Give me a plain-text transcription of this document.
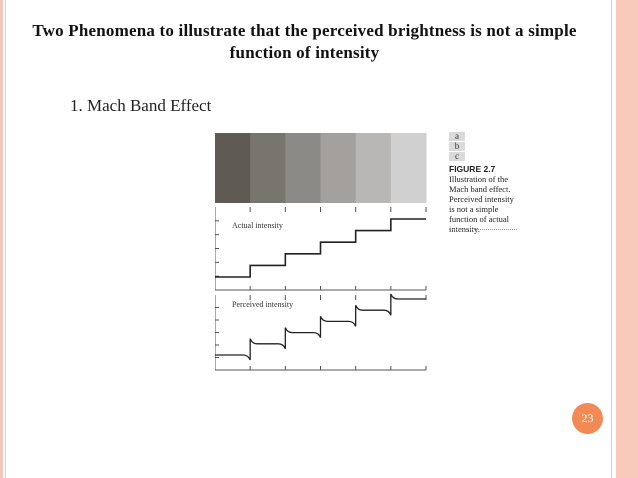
Two Phenomena to illustrate that the perceived brightness is not a simple function of intensity
1. Mach Band Effect
Actual intensity
Perceived intensity
a
b
c
FIGURE 2.7
Illustration of the Mach band effect. Perceived intensity is not a simple function of actual intensity.
23
